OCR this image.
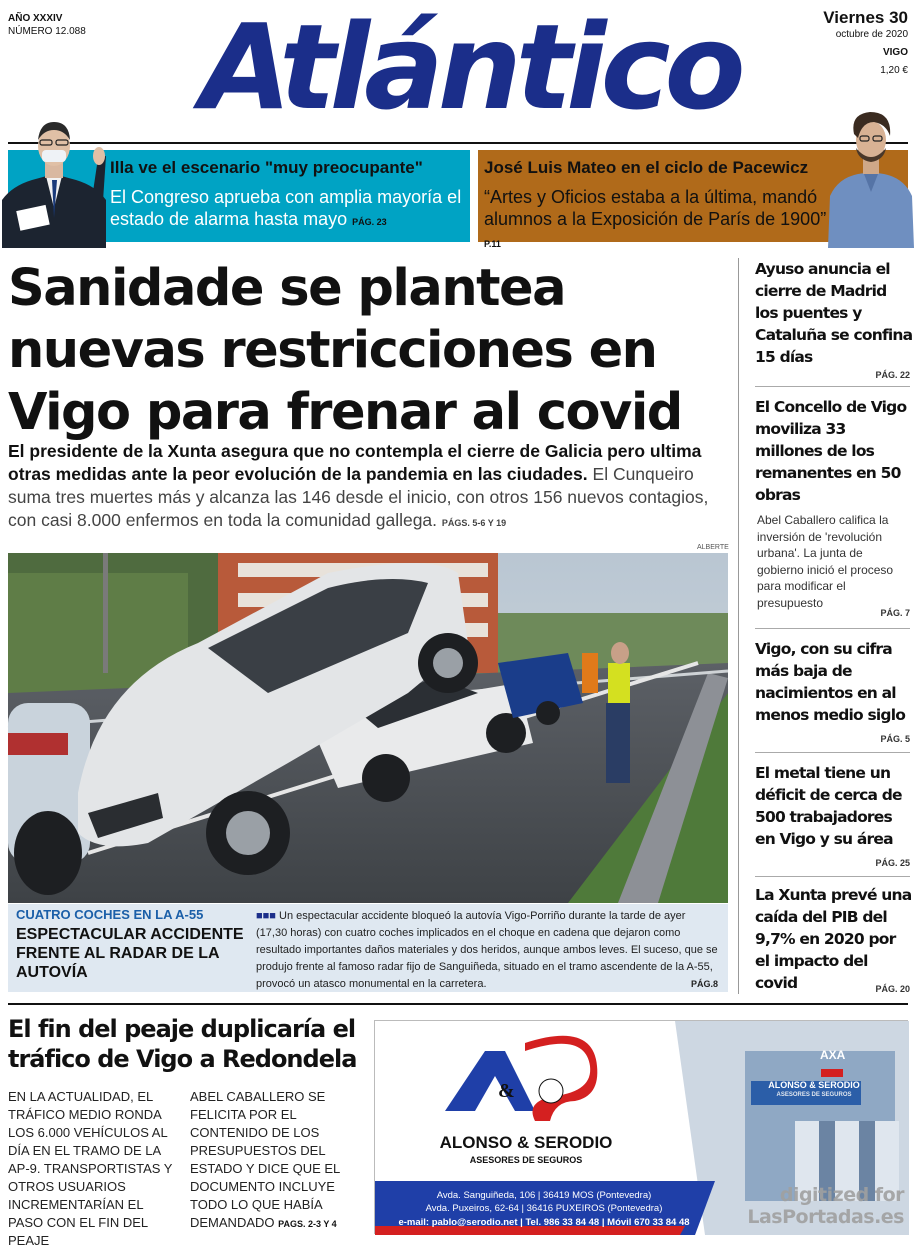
AÑO XXXIV
NÚMERO 12.088 Atlántico	Viernes 30
octubre de 2020
VIGO
1,20 €
Illa ve el escenario "muy preocupante"
El Congreso aprueba con amplia mayoría el estado de alarma hasta mayo PÁG. 23
José Luis Mateo en el ciclo de Pacewicz
“Artes y Oficios estaba a la última, mandó alumnos a la Exposición de París de 1900” P.11
Sanidade se plantea nuevas restricciones en Vigo para frenar al covid

El presidente de la Xunta asegura que no contempla el cierre de Galicia pero ultima otras medidas ante la peor evolución de la pandemia en las ciudades. El Cunqueiro suma tres muertes más y alcanza las 146 desde el inicio, con otros 156 nuevos contagios, con casi 8.000 enfermos en toda la comunidad gallega. PÁGS. 5-6 Y 19

ALBERTE
CUATRO COCHES EN LA A-55
ESPECTACULAR ACCIDENTE FRENTE AL RADAR DE LA AUTOVÍA

■■■ Un espectacular accidente bloqueó la autovía Vigo-Porriño durante la tarde de ayer (17,30 horas) con cuatro coches implicados en el choque en cadena que dejaron como resultado importantes daños materiales y dos heridos, aunque ambos leves. El suceso, que se produjo frente al famoso radar fijo de Sanguiñeda, situado en el tramo ascendente de la A-55, provocó un atasco monumental en la carretera.	PÁG.8

Ayuso anuncia el cierre de Madrid los puentes y Cataluña se confina 15 días
PÁG. 22
El Concello de Vigo moviliza 33 millones de los remanentes en 50 obras
Abel Caballero califica la inversión de 'revolución urbana'. La junta de gobierno inició el proceso para modificar el presupuesto
PÁG. 7
Vigo, con su cifra más baja de nacimientos en al menos medio siglo
PÁG. 5
El metal tiene un déficit de cerca de 500 trabajadores en Vigo y su área
PÁG. 25
La Xunta prevé una caída del PIB del 9,7% en 2020 por el impacto del covid	PÁG. 20
El fin del peaje duplicaría el tráfico de Vigo a Redondela
EN LA ACTUALIDAD, EL TRÁFICO MEDIO RONDA LOS 6.000 VEHÍCULOS AL DÍA EN EL TRAMO DE LA AP-9. TRANSPORTISTAS Y OTROS USUARIOS INCREMENTARÍAN EL PASO CON EL FIN DEL PEAJE
ABEL CABALLERO SE FELICITA POR EL CONTENIDO DE LOS PRESUPUESTOS DEL ESTADO Y DICE QUE EL DOCUMENTO INCLUYE TODO LO QUE HABÍA DEMANDADO PAGS. 2-3 Y 4
&
ALONSO & SERODIO
ASESORES DE SEGUROS
Avda. Sanguiñeda, 106 | 36419 MOS (Pontevedra)
Avda. Puxeiros, 62-64 | 36416 PUXEIROS (Pontevedra)
e-mail: pablo@serodio.net | Tel. 986 33 84 48 | Móvil 670 33 84 48
AXA
ALONSO & SERODIO
ASESORES DE SEGUROS
digitized for
LasPortadas.es
